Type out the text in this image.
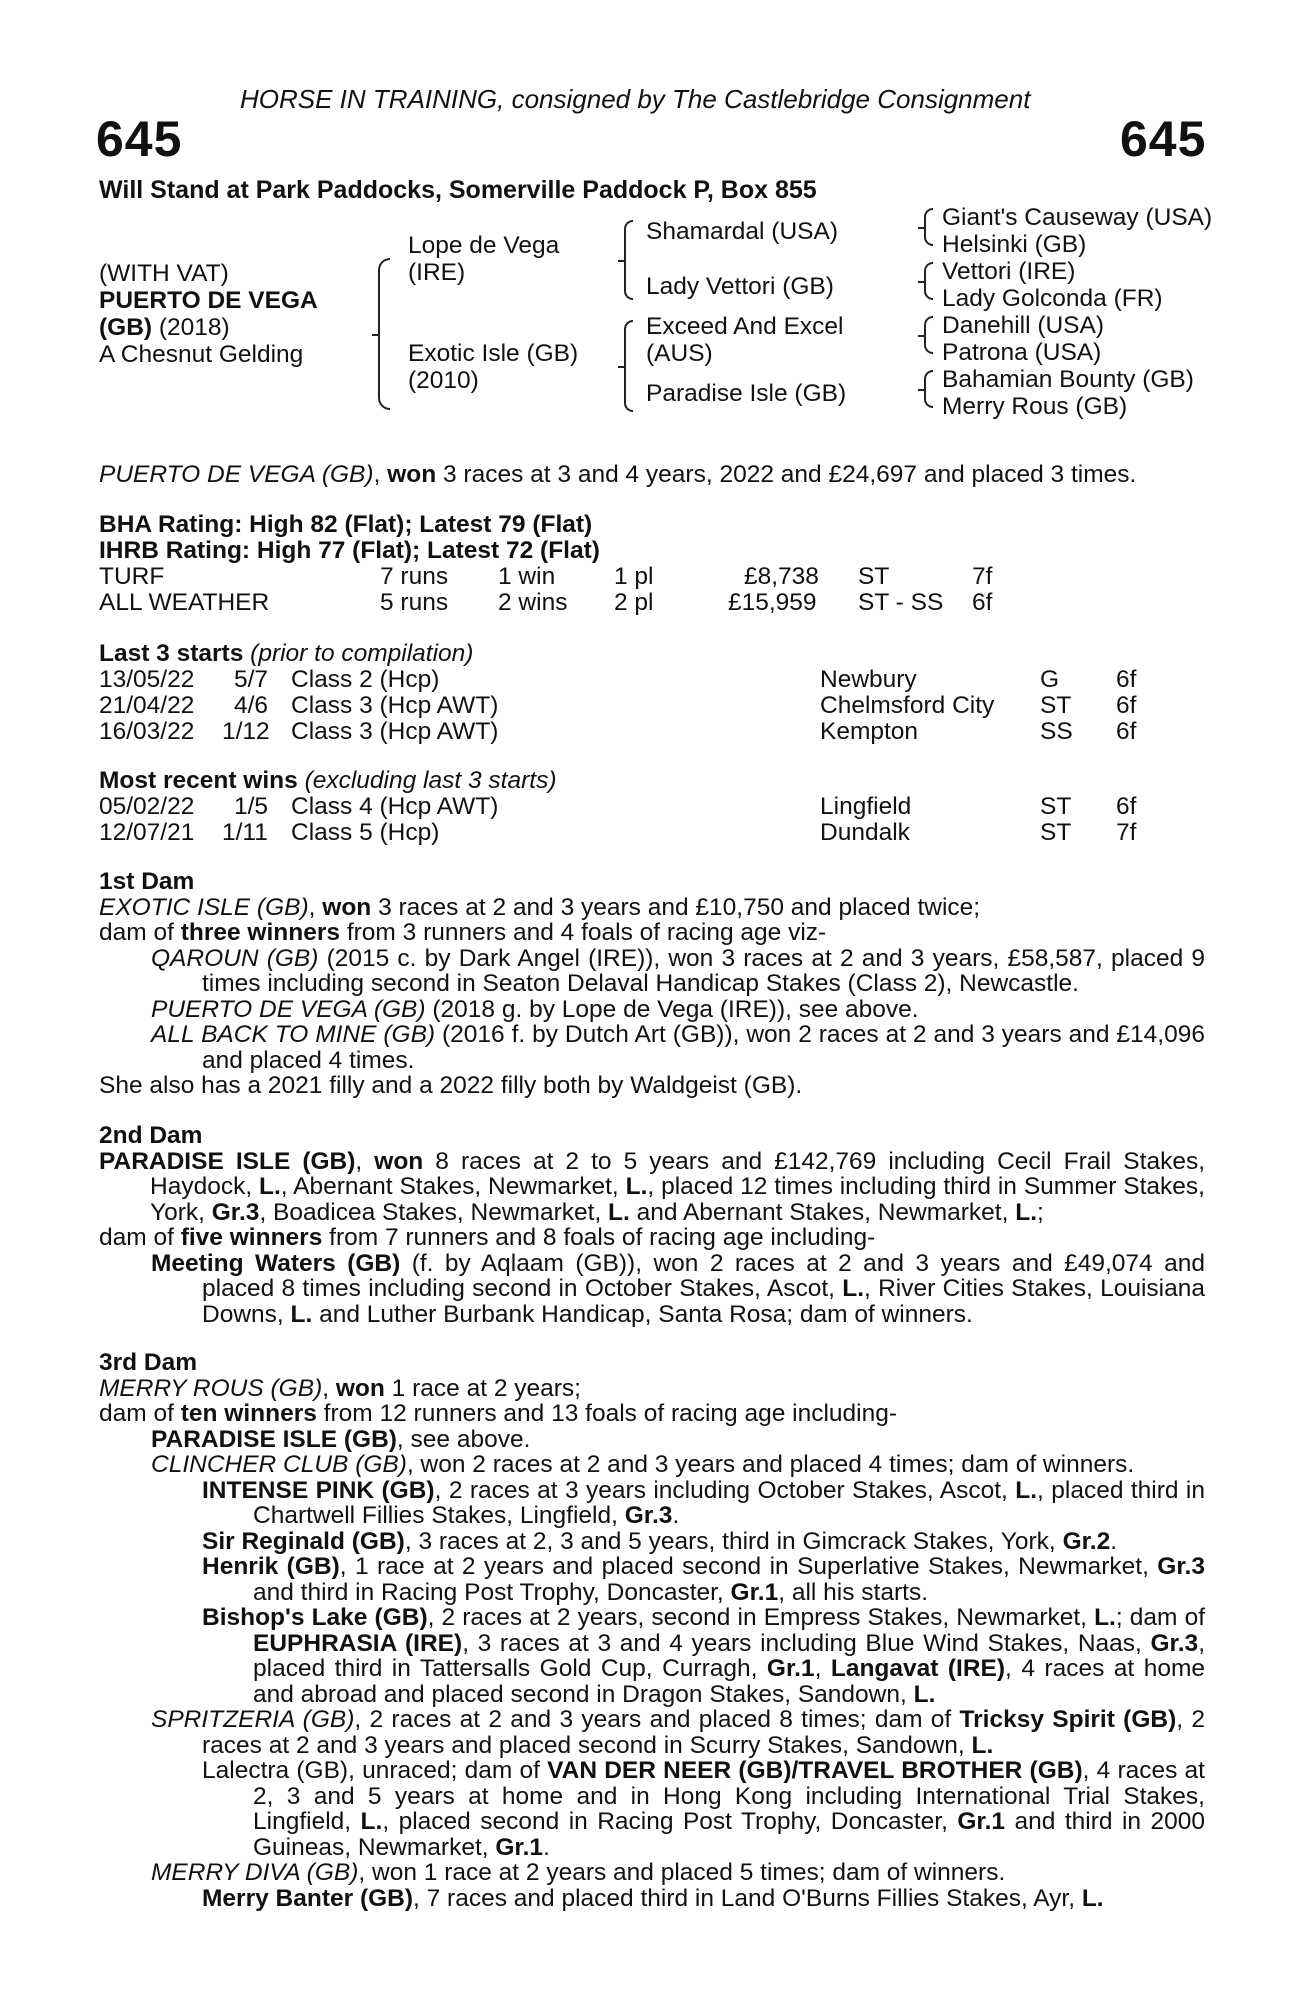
HORSE IN TRAINING, consigned by The Castlebridge Consignment
645	645
Will Stand at Park Paddocks, Somerville Paddock P, Box 855
(WITH VAT)
PUERTO DE VEGA
(GB) (2018)
A Chesnut Gelding
Lope de Vega
(IRE)
Exotic Isle (GB)
(2010)
Shamardal (USA)
Lady Vettori (GB)
Exceed And Excel
(AUS)
Paradise Isle (GB)
Giant's Causeway (USA)
Helsinki (GB)
Vettori (IRE)
Lady Golconda (FR)
Danehill (USA)
Patrona (USA)
Bahamian Bounty (GB)
Merry Rous (GB)
PUERTO DE VEGA (GB), won 3 races at 3 and 4 years, 2022 and £24,697 and placed 3 times.
BHA Rating: High 82 (Flat); Latest 79 (Flat)
IHRB Rating: High 77 (Flat); Latest 72 (Flat)
TURF	7 runs 1 win 1 pl	£8,738 ST	7f
ALL WEATHER	5 runs 2 wins 2 pl	£15,959 ST - SS 6f
Last 3 starts (prior to compilation)
13/05/22 5/7 Class 2 (Hcp)	Newbury	G 6f
21/04/22 4/6 Class 3 (Hcp AWT)	Chelmsford City ST 6f
16/03/22 1/12 Class 3 (Hcp AWT)	Kempton	SS 6f
Most recent wins (excluding last 3 starts)
05/02/22 1/5 Class 4 (Hcp AWT)	Lingfield	ST 6f
12/07/21 1/11 Class 5 (Hcp)	Dundalk	ST 7f

1st Dam

EXOTIC ISLE (GB), won 3 races at 2 and 3 years and £10,750 and placed twice;

dam of three winners from 3 runners and 4 foals of racing age viz-

QAROUN (GB) (2015 c. by Dark Angel (IRE)), won 3 races at 2 and 3 years, £58,587, placed 9 times including second in Seaton Delaval Handicap Stakes (Class 2), Newcastle.

PUERTO DE VEGA (GB) (2018 g. by Lope de Vega (IRE)), see above.

ALL BACK TO MINE (GB) (2016 f. by Dutch Art (GB)), won 2 races at 2 and 3 years and £14,096 and placed 4 times.

She also has a 2021 filly and a 2022 filly both by Waldgeist (GB).

2nd Dam

PARADISE ISLE (GB), won 8 races at 2 to 5 years and £142,769 including Cecil Frail Stakes, Haydock, L., Abernant Stakes, Newmarket, L., placed 12 times including third in Summer Stakes, York, Gr.3, Boadicea Stakes, Newmarket, L. and Abernant Stakes, Newmarket, L.;

dam of five winners from 7 runners and 8 foals of racing age including-

Meeting Waters (GB) (f. by Aqlaam (GB)), won 2 races at 2 and 3 years and £49,074 and placed 8 times including second in October Stakes, Ascot, L., River Cities Stakes, Louisiana Downs, L. and Luther Burbank Handicap, Santa Rosa; dam of winners.

3rd Dam

MERRY ROUS (GB), won 1 race at 2 years;

dam of ten winners from 12 runners and 13 foals of racing age including-

PARADISE ISLE (GB), see above.

CLINCHER CLUB (GB), won 2 races at 2 and 3 years and placed 4 times; dam of winners.

INTENSE PINK (GB), 2 races at 3 years including October Stakes, Ascot, L., placed third in Chartwell Fillies Stakes, Lingfield, Gr.3.

Sir Reginald (GB), 3 races at 2, 3 and 5 years, third in Gimcrack Stakes, York, Gr.2.

Henrik (GB), 1 race at 2 years and placed second in Superlative Stakes, Newmarket, Gr.3 and third in Racing Post Trophy, Doncaster, Gr.1, all his starts.

Bishop's Lake (GB), 2 races at 2 years, second in Empress Stakes, Newmarket, L.; dam of EUPHRASIA (IRE), 3 races at 3 and 4 years including Blue Wind Stakes, Naas, Gr.3, placed third in Tattersalls Gold Cup, Curragh, Gr.1, Langavat (IRE), 4 races at home and abroad and placed second in Dragon Stakes, Sandown, L.

SPRITZERIA (GB), 2 races at 2 and 3 years and placed 8 times; dam of Tricksy Spirit (GB), 2 races at 2 and 3 years and placed second in Scurry Stakes, Sandown, L.

Lalectra (GB), unraced; dam of VAN DER NEER (GB)/TRAVEL BROTHER (GB), 4 races at 2, 3 and 5 years at home and in Hong Kong including International Trial Stakes, Lingfield, L., placed second in Racing Post Trophy, Doncaster, Gr.1 and third in 2000 Guineas, Newmarket, Gr.1.

MERRY DIVA (GB), won 1 race at 2 years and placed 5 times; dam of winners.

Merry Banter (GB), 7 races and placed third in Land O'Burns Fillies Stakes, Ayr, L.
